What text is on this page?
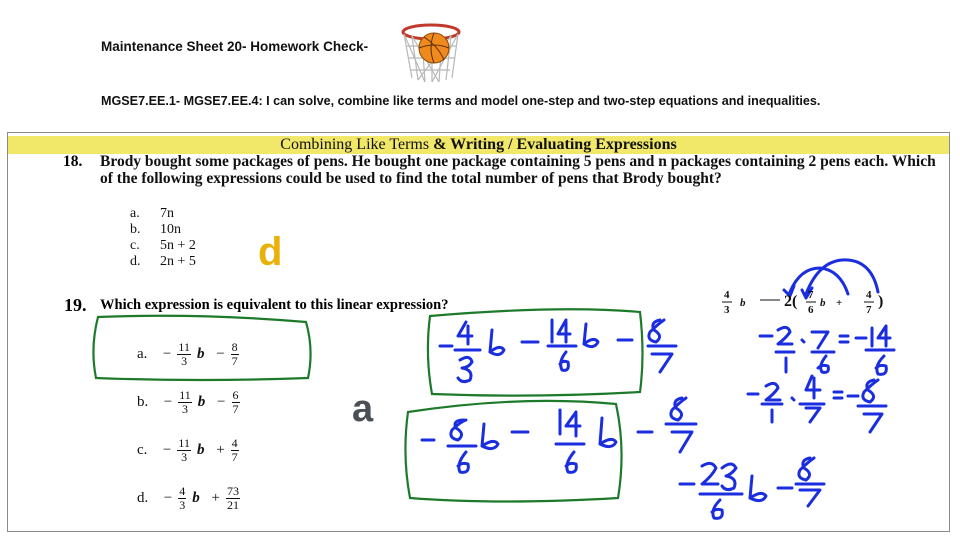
Maintenance Sheet 20- Homework Check-
MGSE7.EE.1- MGSE7.EE.4: I can solve, combine like terms and model one-step and two-step equations and inequalities.
Combining Like Terms & Writing / Evaluating Expressions
18. Brody bought some packages of pens. He bought one package containing 5 pens and n packages containing 2 pens each. Which of the following expressions could be used to find the total number of pens that Brody bought?
a. 7n
b. 10n
c. 5n + 2
d. 2n + 5
19. Which expression is equivalent to this linear expression?
a.
− $\frac{11}{3}$ b
− $\frac{8}{7}$
b.
− $\frac{11}{3}$ b
− $\frac{6}{7}$
c.
− $\frac{11}{3}$ b
+ $\frac{4}{7}$
d.
− $\frac{4}{3}$ b
+ $\frac{73}{21}$
d
a
4
3
b 2( 7
6
b +
4
7 )
